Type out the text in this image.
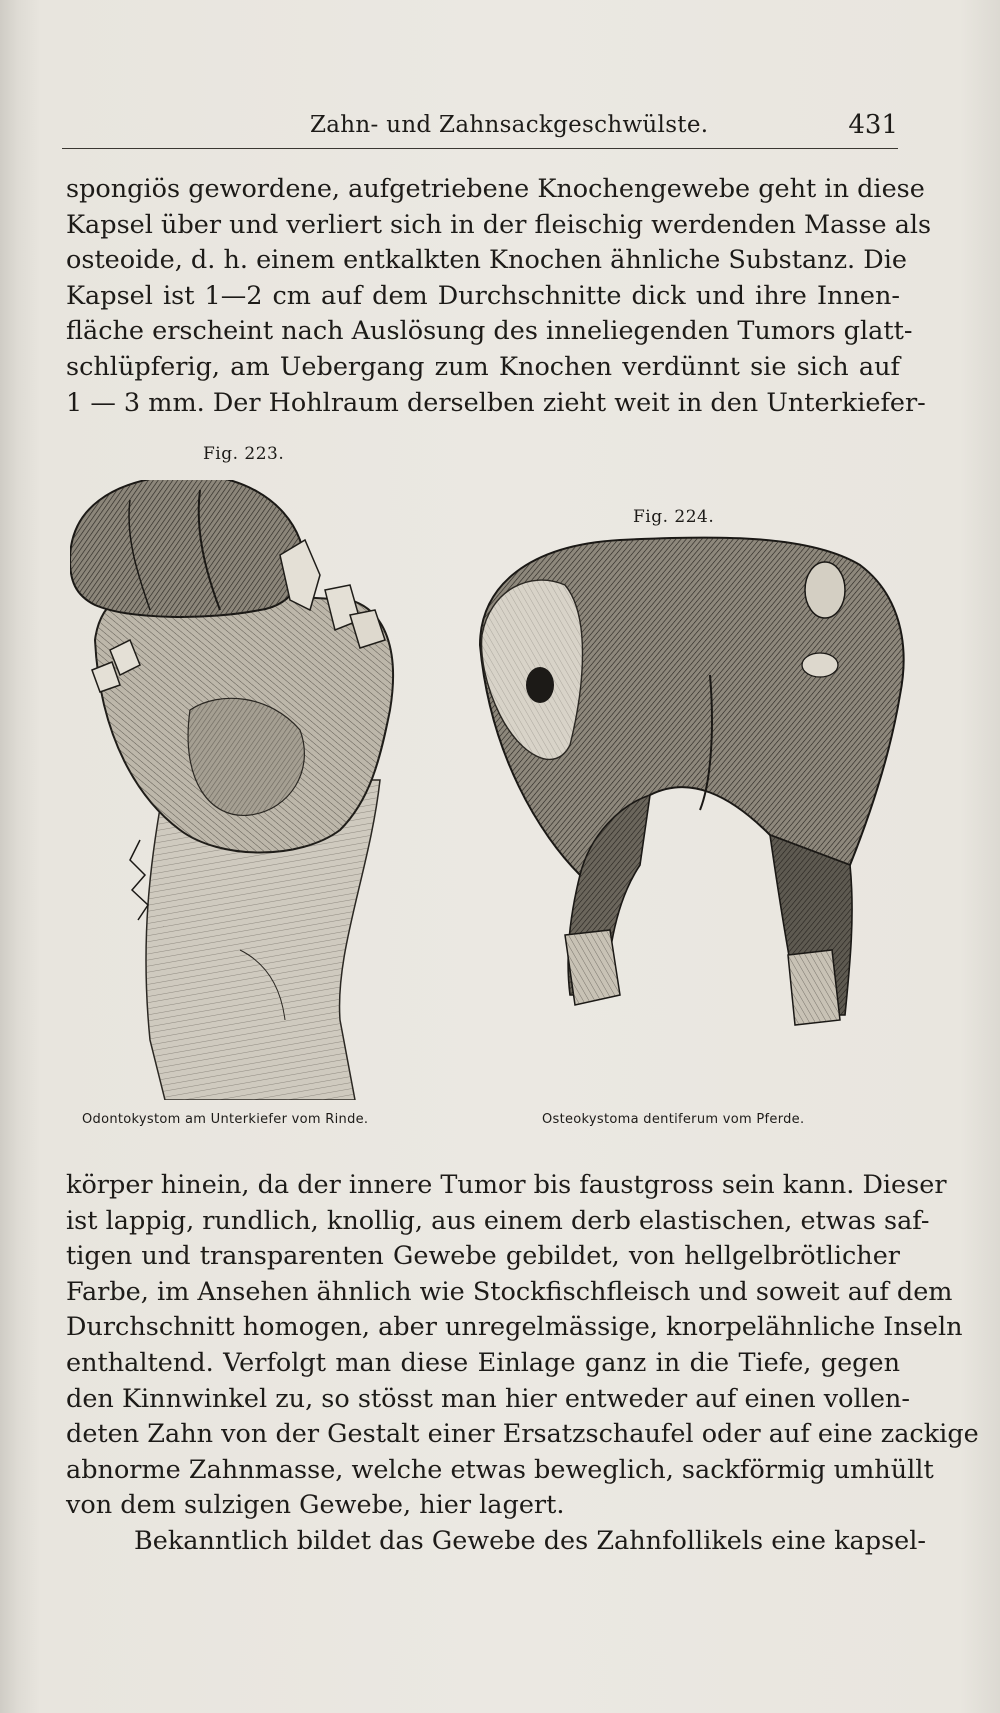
Zahn- und Zahnsackgeschwülste.	431
spongiös gewordene, aufgetriebene Knochengewebe geht in diese
Kapsel über und verliert sich in der fleischig werdenden Masse als
osteoide, d. h. einem entkalkten Knochen ähnliche Substanz. Die
Kapsel ist 1—2 cm auf dem Durchschnitte dick und ihre Innen-
fläche erscheint nach Auslösung des inneliegenden Tumors glatt-
schlüpferig, am Uebergang zum Knochen verdünnt sie sich auf
1 — 3 mm. Der Hohlraum derselben zieht weit in den Unterkiefer-
Fig. 223.
Fig. 224.
Odontokystom am Unterkiefer vom Rinde.	Osteokystoma dentiferum vom Pferde.
körper hinein, da der innere Tumor bis faustgross sein kann. Dieser
ist lappig, rundlich, knollig, aus einem derb elastischen, etwas saf-
tigen und transparenten Gewebe gebildet, von hellgelbrötlicher
Farbe, im Ansehen ähnlich wie Stockfischfleisch und soweit auf dem
Durchschnitt homogen, aber unregelmässige, knorpelähnliche Inseln
enthaltend. Verfolgt man diese Einlage ganz in die Tiefe, gegen
den Kinnwinkel zu, so stösst man hier entweder auf einen vollen-
deten Zahn von der Gestalt einer Ersatzschaufel oder auf eine zackige
abnorme Zahnmasse, welche etwas beweglich, sackförmig umhüllt
von dem sulzigen Gewebe, hier lagert.
Bekanntlich bildet das Gewebe des Zahnfollikels eine kapsel-
